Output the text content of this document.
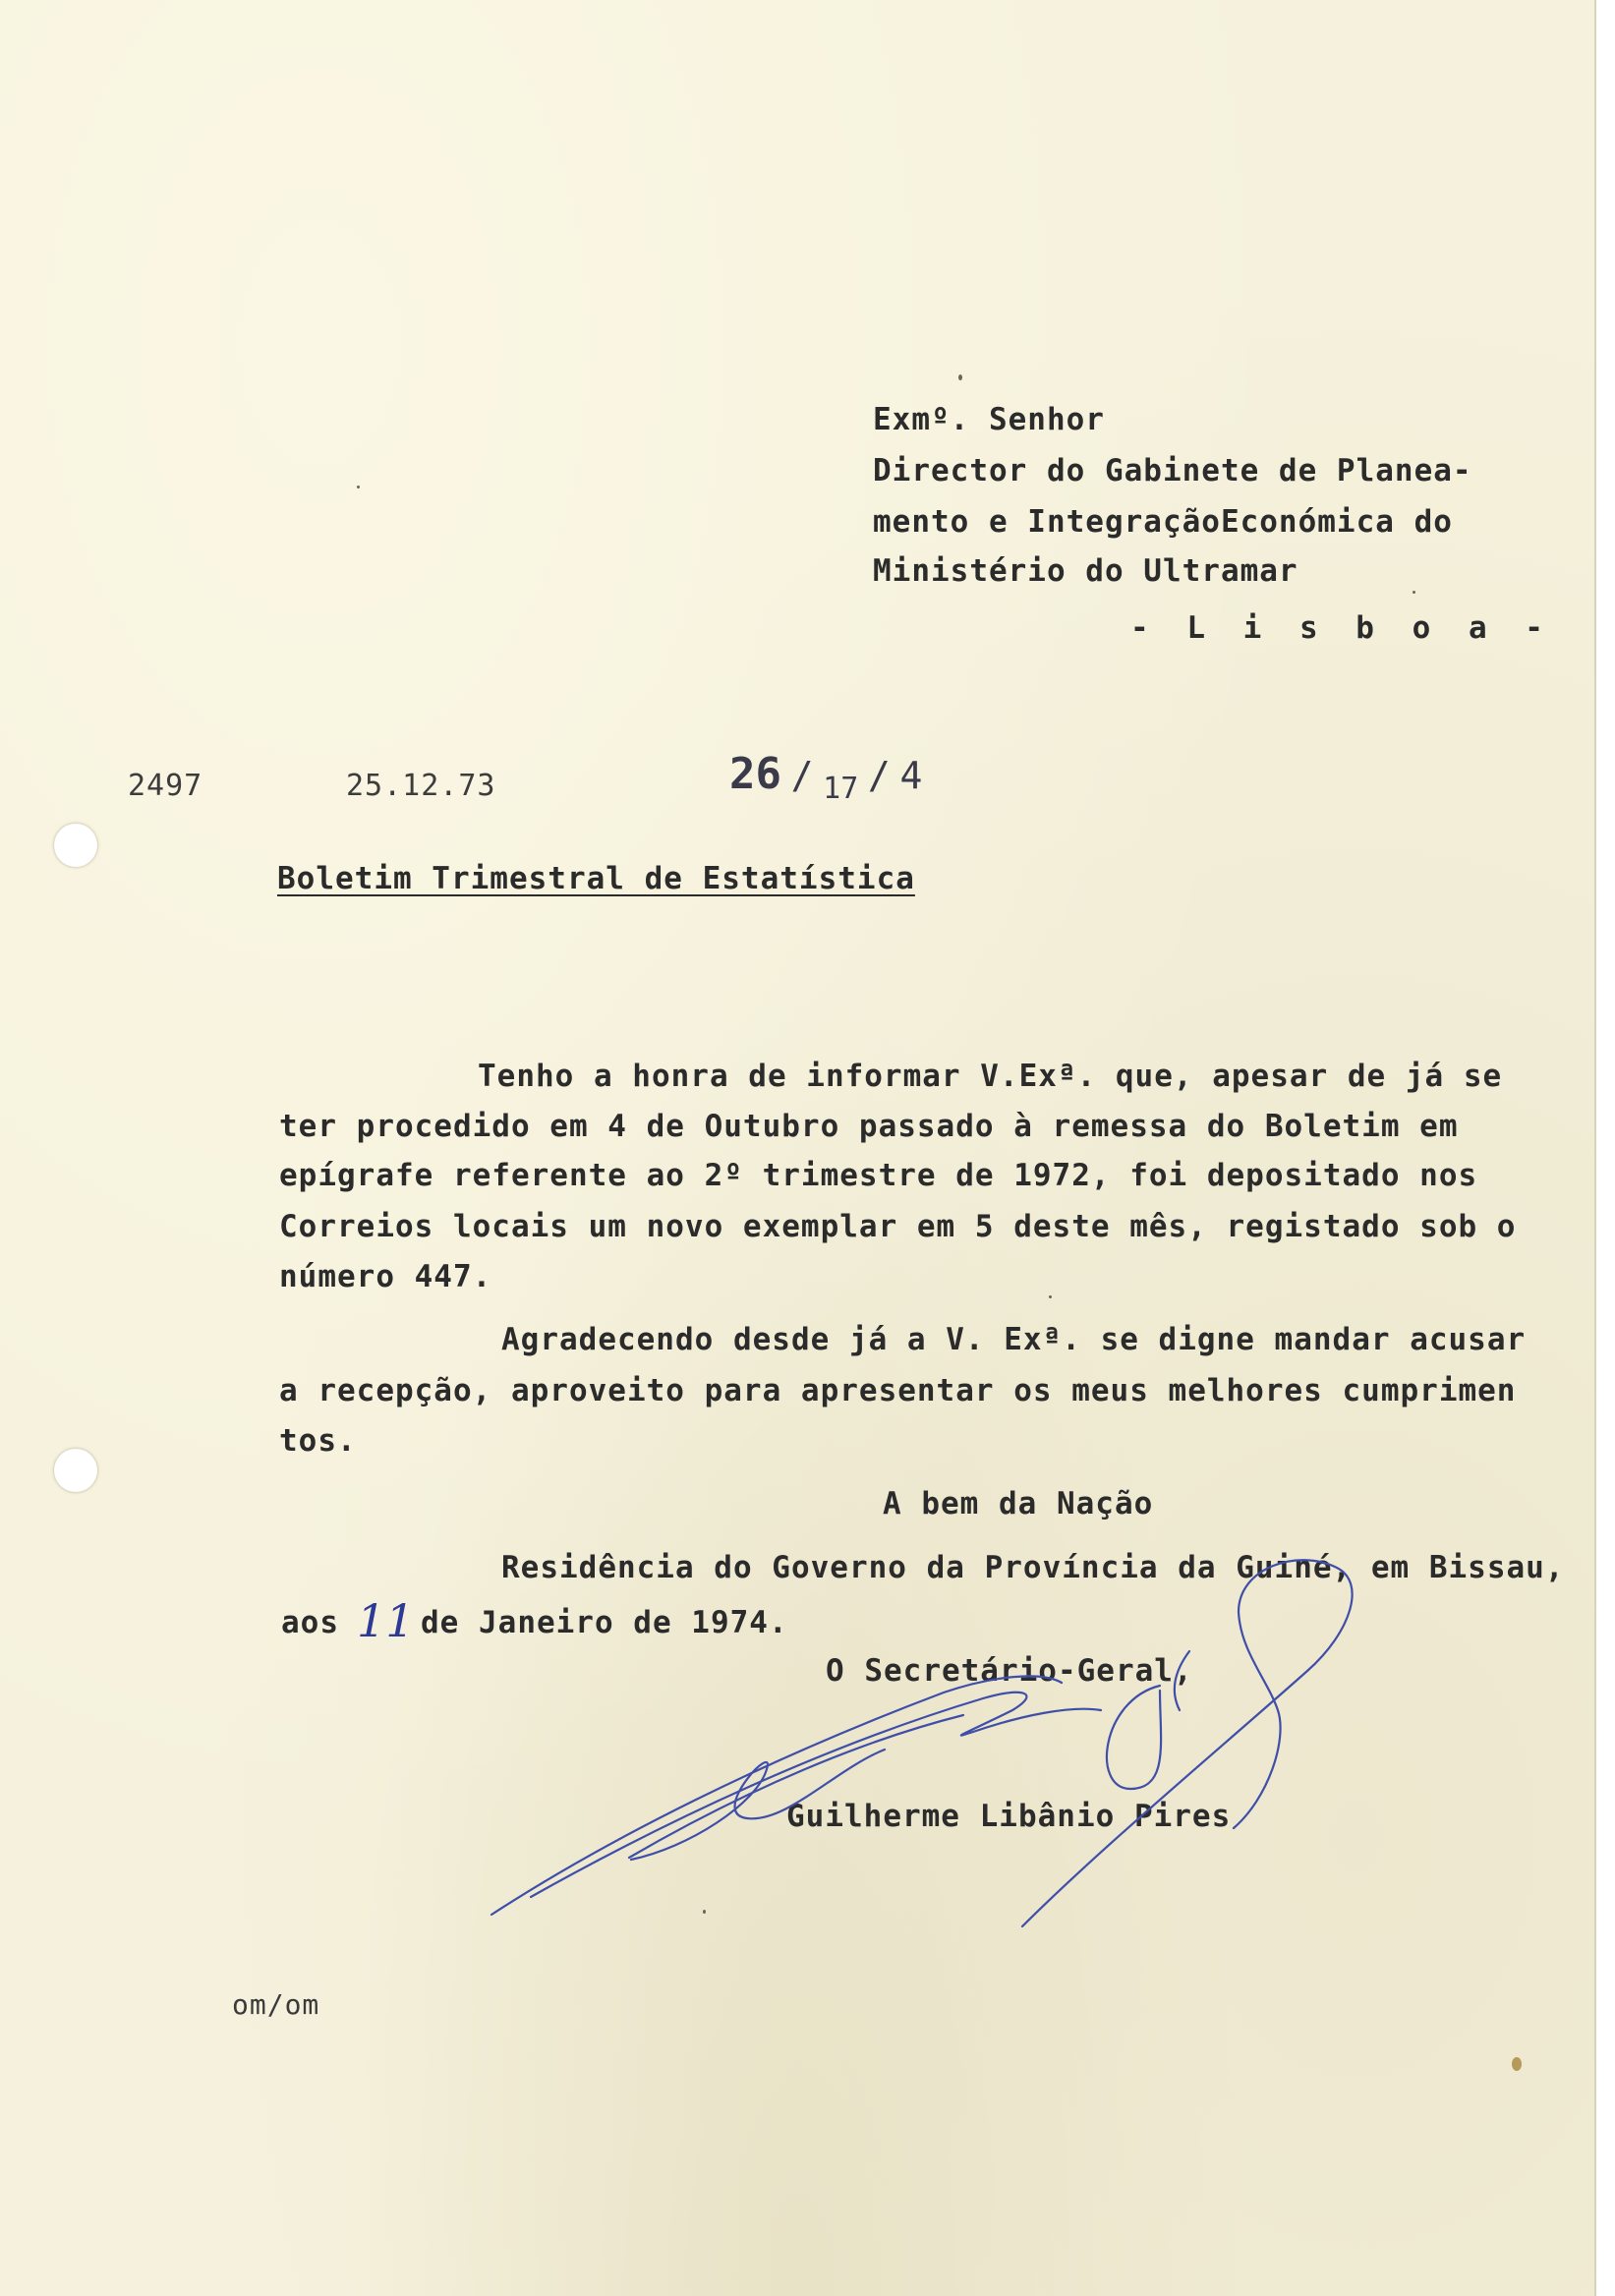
Exmº. Senhor
Director do Gabinete de Planea-
mento e IntegraçãoEconómica do
Ministério do Ultramar
- L i s b o a -
2497	25.12.73	26 / 17 / 4
Boletim Trimestral de Estatística
Tenho a honra de informar V.Exª. que, apesar de já se
ter procedido em 4 de Outubro passado à remessa do Boletim em
epígrafe referente ao 2º trimestre de 1972, foi depositado nos
Correios locais um novo exemplar em 5 deste mês, registado sob o
número 447.
Agradecendo desde já a V. Exª. se digne mandar acusar
a recepção, aproveito para apresentar os meus melhores cumprimen
tos.
A bem da Nação
Residência do Governo da Província da Guiné, em Bissau,
aos 11 de Janeiro de 1974.
O Secretário-Geral,
Guilherme Libânio Pires
om/om
